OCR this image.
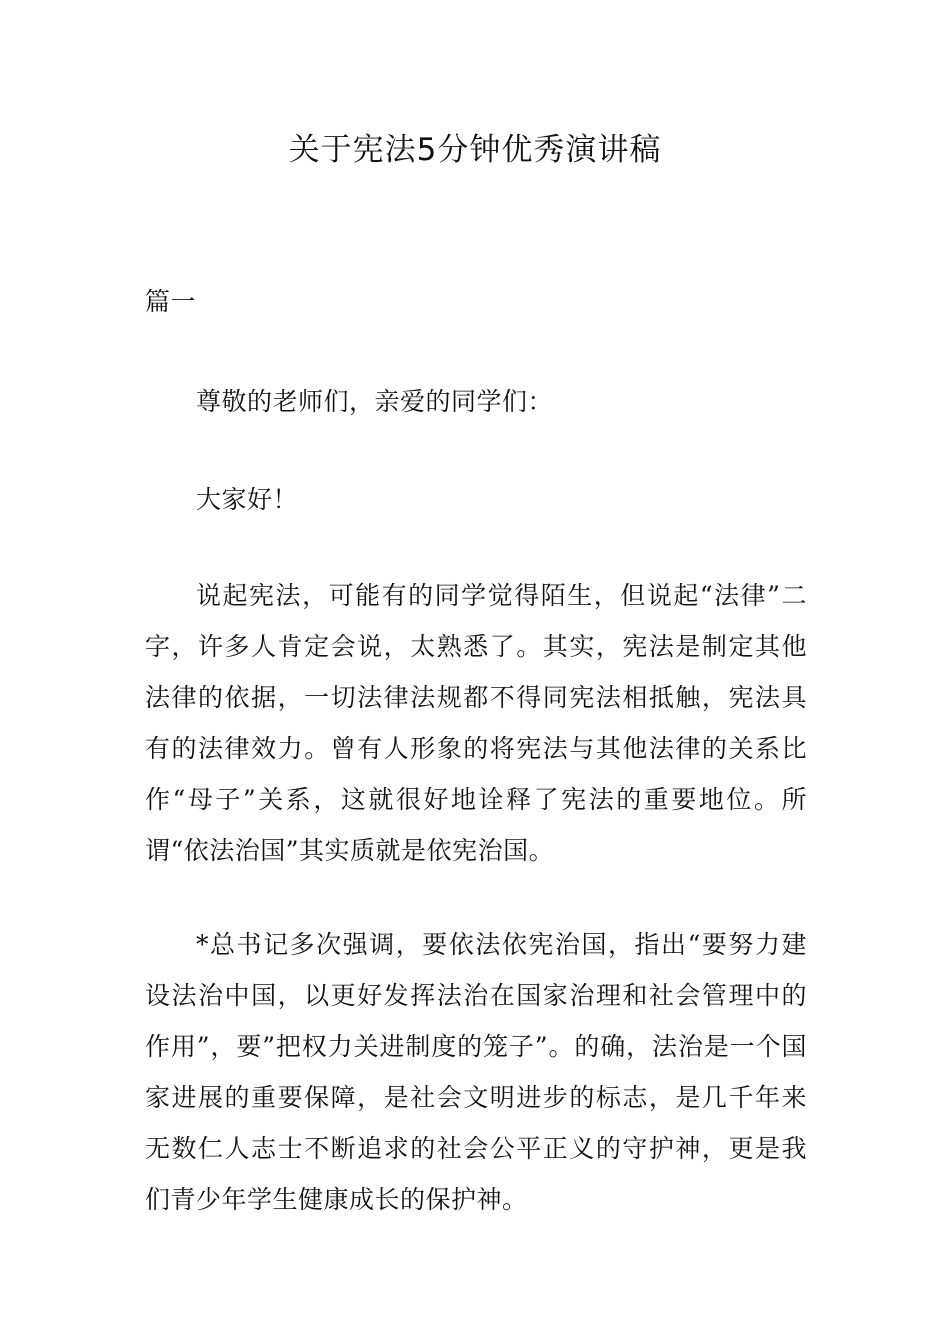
关于宪法5分钟优秀演讲稿

篇一

尊敬的老师们，亲爱的同学们：

大家好！

说起宪法，可能有的同学觉得陌生，但说起“法律”二字，许多人肯定会说，太熟悉了。其实，宪法是制定其他法律的依据，一切法律法规都不得同宪法相抵触，宪法具有的法律效力。曾有人形象的将宪法与其他法律的关系比作“母子”关系，这就很好地诠释了宪法的重要地位。所谓“依法治国”其实质就是依宪治国。

*总书记多次强调，要依法依宪治国，指出“要努力建设法治中国，以更好发挥法治在国家治理和社会管理中的作用”，要”把权力关进制度的笼子”。的确，法治是一个国家进展的重要保障，是社会文明进步的标志，是几千年来无数仁人志士不断追求的社会公平正义的守护神，更是我们青少年学生健康成长的保护神。
